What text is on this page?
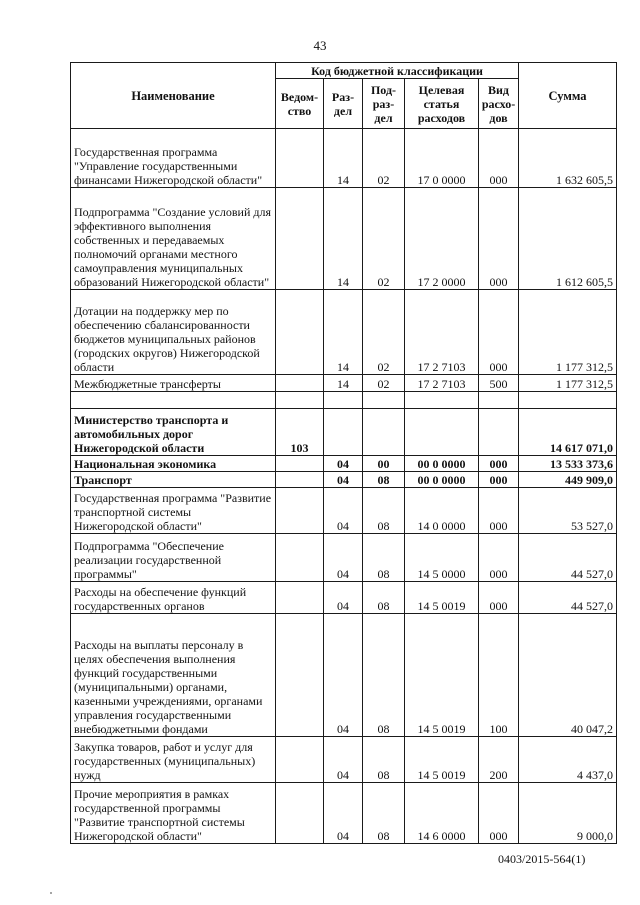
43
Наименование	Код бюджетной классификации					Сумма
	Ведом-ство	Раз-дел	Под-раз-дел	Целевая статья расходов	Вид расхо-дов	
Государственная программа "Управление государственными финансами Нижегородской области"		14	02	17 0 0000	000	1 632 605,5
Подпрограмма "Создание условий для эффективного выполнения собственных и передаваемых полномочий органами местного самоуправления муниципальных образований Нижегородской области"		14	02	17 2 0000	000	1 612 605,5
Дотации на поддержку мер по обеспечению сбалансированности бюджетов муниципальных районов (городских округов) Нижегородской области		14	02	17 2 7103	000	1 177 312,5
Межбюджетные трансферты		14	02	17 2 7103	500	1 177 312,5

Министерство транспорта и автомобильных дорог Нижегородской области	103					14 617 071,0
Национальная экономика		04	00	00 0 0000	000	13 533 373,6
Транспорт		04	08	00 0 0000	000	449 909,0
Государственная программа "Развитие транспортной системы Нижегородской области"		04	08	14 0 0000	000	53 527,0
Подпрограмма "Обеспечение реализации государственной программы"		04	08	14 5 0000	000	44 527,0
Расходы на обеспечение функций государственных органов		04	08	14 5 0019	000	44 527,0
Расходы на выплаты персоналу в целях обеспечения выполнения функций государственными (муниципальными) органами, казенными учреждениями, органами управления государственными внебюджетными фондами		04	08	14 5 0019	100	40 047,2
Закупка товаров, работ и услуг для государственных (муниципальных) нужд		04	08	14 5 0019	200	4 437,0
Прочие мероприятия в рамках государственной программы "Развитие транспортной системы Нижегородской области"		04	08	14 6 0000	000	9 000,0
0403/2015-564(1)
